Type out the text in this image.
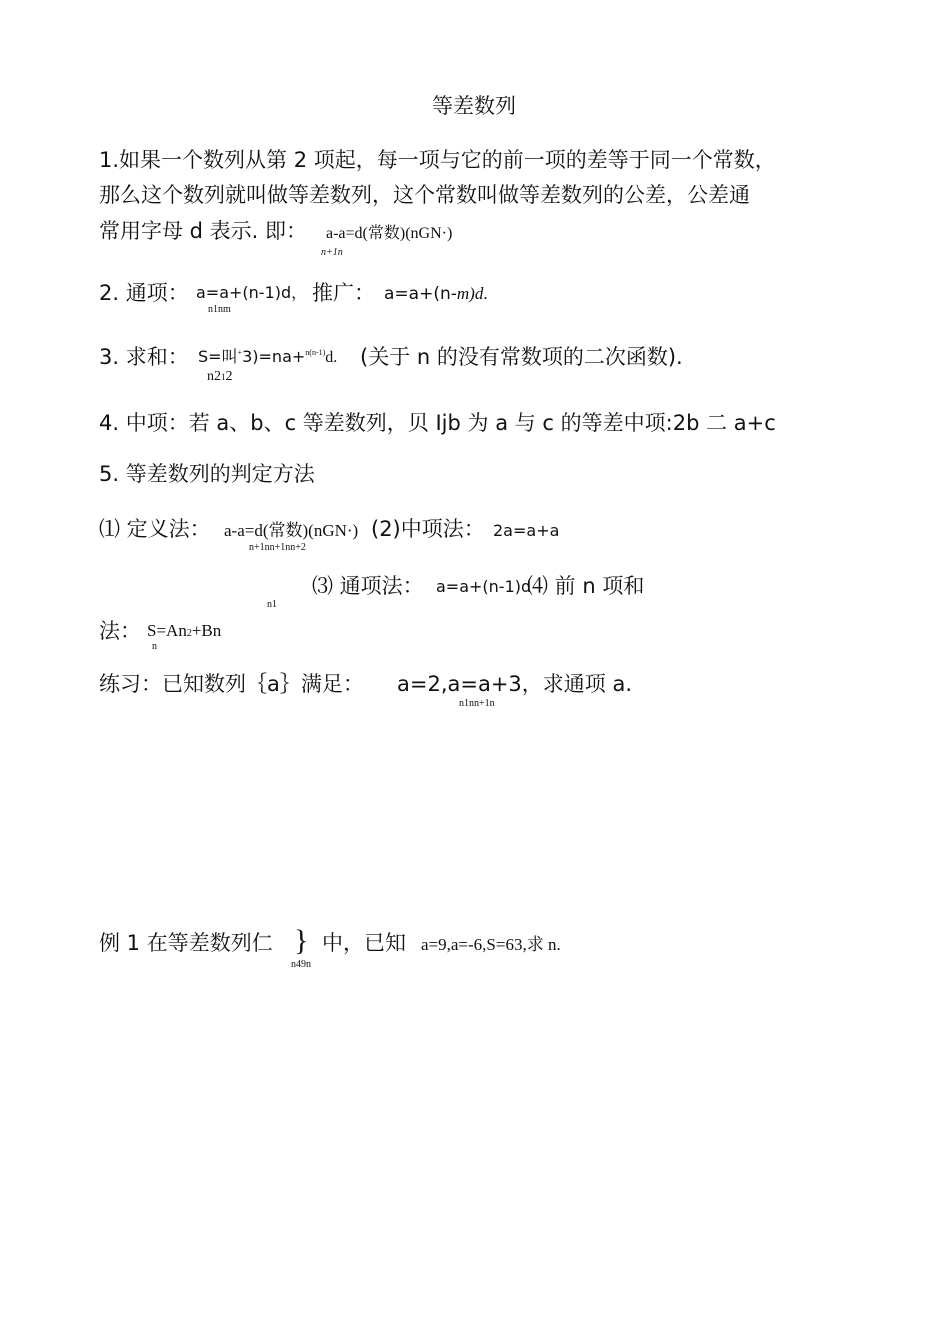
等差数列
1.如果一个数列从第 2 项起，每一项与它的前一项的差等于同一个常数，
那么这个数列就叫做等差数列，这个常数叫做等差数列的公差，公差通
常用字母 d 表示. 即： a-a=d(常数)(nGN·)
n+1n
2. 通项： a=a+(n-1)d，
n1nm
推广： a=a+(n-m)d.
3. 求和： S=叫+3)=na+$^{n(n-1)}$d. (关于 n 的没有常数项的二次函数).
n212
4. 中项：若 a、b、c 等差数列，贝 Ijb 为 a 与 c 的等差中项:2b 二 a+c
5. 等差数列的判定方法
⑴ 定义法： a-a=d(常数)(nGN·) (2)中项法： 2a=a+a
n+1nn+1nn+2
⑶ 通项法： a=a+(n-1)d
⑷ 前 n 项和
n1
法： S=An2+Bn
n
练习：已知数列｛a｝满足： a=2,a=a+3，求通项 a.
n1nn+1n
例 1 在等差数列仁 } 中，已知 a=9,a=-6,S=63,求 n.
n49n
